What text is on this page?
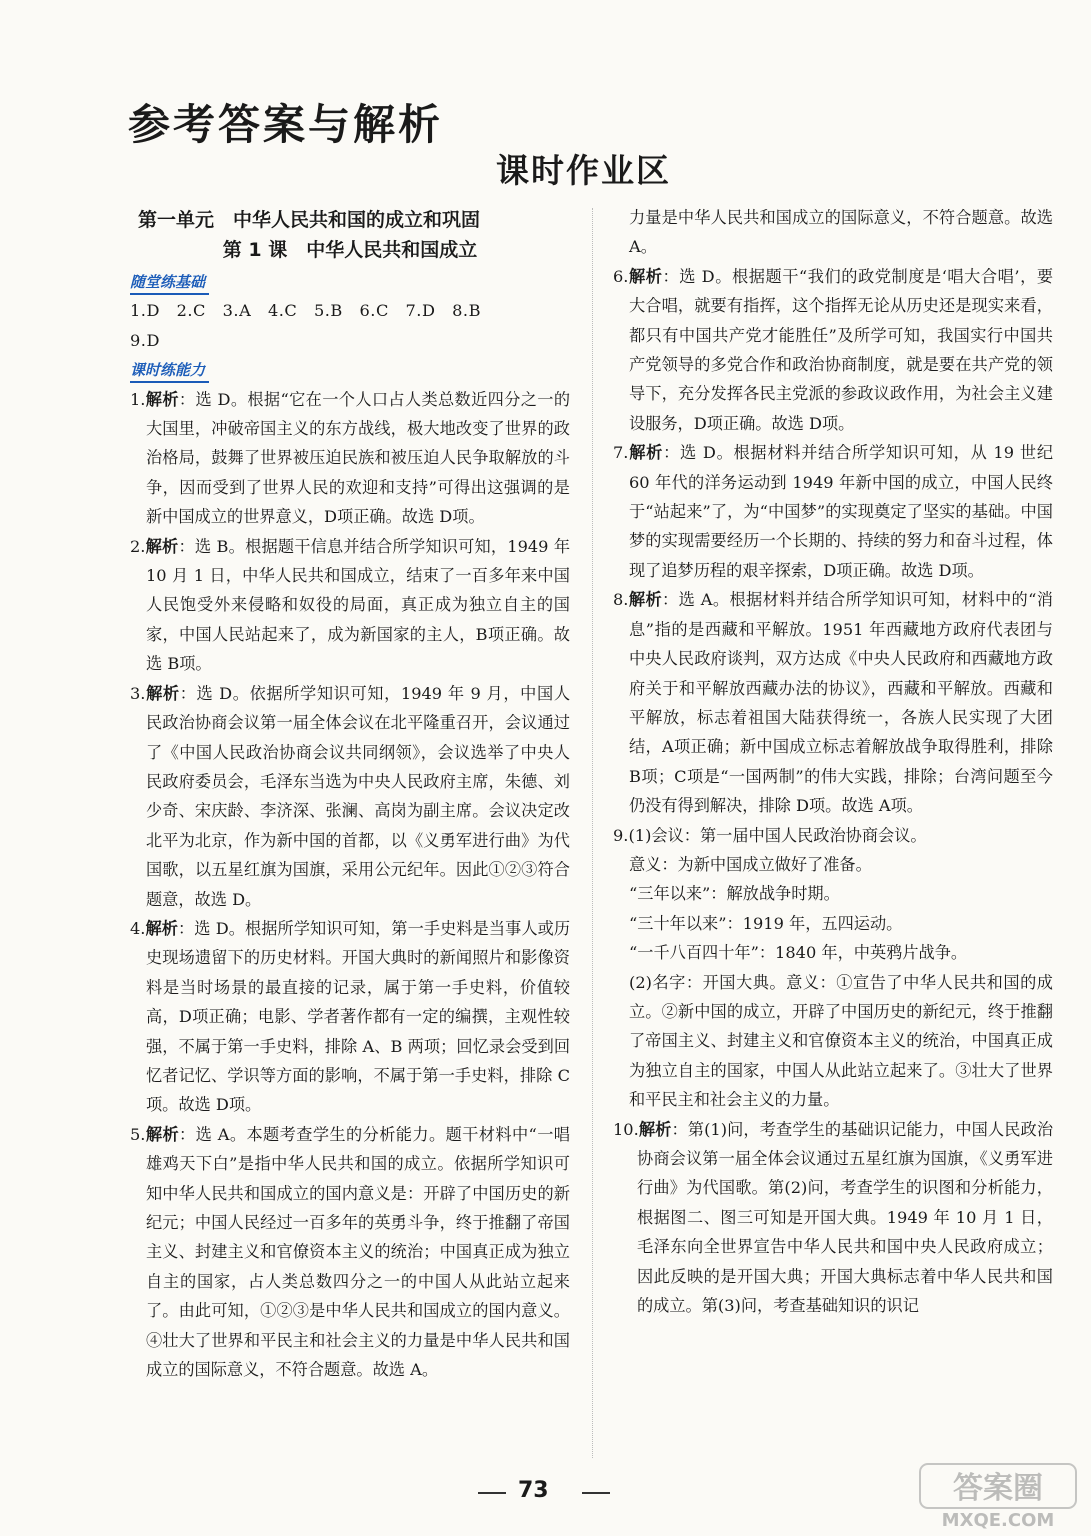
参考答案与解析
课时作业区

第一单元　中华人民共和国的成立和巩固

第 1 课　中华人民共和国成立

随堂练基础

1.D　2.C　3.A　4.C　5.B　6.C　7.D　8.B

9.D

课时练能力

1.解析：选 D。根据“它在一个人口占人类总数近四分之一的大国里，冲破帝国主义的东方战线，极大地改变了世界的政治格局，鼓舞了世界被压迫民族和被压迫人民争取解放的斗争，因而受到了世界人民的欢迎和支持”可得出这强调的是新中国成立的世界意义，D项正确。故选 D项。

2.解析：选 B。根据题干信息并结合所学知识可知，1949 年 10 月 1 日，中华人民共和国成立，结束了一百多年来中国人民饱受外来侵略和奴役的局面，真正成为独立自主的国家，中国人民站起来了，成为新国家的主人，B项正确。故选 B项。

3.解析：选 D。依据所学知识可知，1949 年 9 月，中国人民政治协商会议第一届全体会议在北平隆重召开，会议通过了《中国人民政治协商会议共同纲领》，会议选举了中央人民政府委员会，毛泽东当选为中央人民政府主席，朱德、刘少奇、宋庆龄、李济深、张澜、高岗为副主席。会议决定改北平为北京，作为新中国的首都，以《义勇军进行曲》为代国歌，以五星红旗为国旗，采用公元纪年。因此①②③符合题意，故选 D。

4.解析：选 D。根据所学知识可知，第一手史料是当事人或历史现场遗留下的历史材料。开国大典时的新闻照片和影像资料是当时场景的最直接的记录，属于第一手史料，价值较高，D项正确；电影、学者著作都有一定的编撰，主观性较强，不属于第一手史料，排除 A、B 两项；回忆录会受到回忆者记忆、学识等方面的影响，不属于第一手史料，排除 C 项。故选 D项。

5.解析：选 A。本题考查学生的分析能力。题干材料中“一唱雄鸡天下白”是指中华人民共和国的成立。依据所学知识可知中华人民共和国成立的国内意义是：开辟了中国历史的新纪元；中国人民经过一百多年的英勇斗争，终于推翻了帝国主义、封建主义和官僚资本主义的统治；中国真正成为独立自主的国家，占人类总数四分之一的中国人从此站立起来了。由此可知，①②③是中华人民共和国成立的国内意义。④壮大了世界和平民主和社会主义的力量是中华人民共和国成立的国际意义，不符合题意。故选 A。

力量是中华人民共和国成立的国际意义，不符合题意。故选 A。

6.解析：选 D。根据题干“我们的政党制度是‘唱大合唱’，要大合唱，就要有指挥，这个指挥无论从历史还是现实来看，都只有中国共产党才能胜任”及所学可知，我国实行中国共产党领导的多党合作和政治协商制度，就是要在共产党的领导下，充分发挥各民主党派的参政议政作用，为社会主义建设服务，D项正确。故选 D项。

7.解析：选 D。根据材料并结合所学知识可知，从 19 世纪 60 年代的洋务运动到 1949 年新中国的成立，中国人民终于“站起来”了，为“中国梦”的实现奠定了坚实的基础。中国梦的实现需要经历一个长期的、持续的努力和奋斗过程，体现了追梦历程的艰辛探索，D项正确。故选 D项。

8.解析：选 A。根据材料并结合所学知识可知，材料中的“消息”指的是西藏和平解放。1951 年西藏地方政府代表团与中央人民政府谈判，双方达成《中央人民政府和西藏地方政府关于和平解放西藏办法的协议》，西藏和平解放。西藏和平解放，标志着祖国大陆获得统一，各族人民实现了大团结，A项正确；新中国成立标志着解放战争取得胜利，排除 B项；C项是“一国两制”的伟大实践，排除；台湾问题至今仍没有得到解决，排除 D项。故选 A项。

9.(1)会议：第一届中国人民政治协商会议。

意义：为新中国成立做好了准备。

“三年以来”：解放战争时期。

“三十年以来”：1919 年，五四运动。

“一千八百四十年”：1840 年，中英鸦片战争。

(2)名字：开国大典。意义：①宣告了中华人民共和国的成立。②新中国的成立，开辟了中国历史的新纪元，终于推翻了帝国主义、封建主义和官僚资本主义的统治，中国真正成为独立自主的国家，中国人从此站立起来了。③壮大了世界和平民主和社会主义的力量。

10.解析：第(1)问，考查学生的基础识记能力，中国人民政治协商会议第一届全体会议通过五星红旗为国旗，《义勇军进行曲》为代国歌。第(2)问，考查学生的识图和分析能力，根据图二、图三可知是开国大典。1949 年 10 月 1 日，毛泽东向全世界宣告中华人民共和国中央人民政府成立；因此反映的是开国大典；开国大典标志着中华人民共和国的成立。第(3)问，考查基础知识的识记

73	答案圈
MXQE.COM
